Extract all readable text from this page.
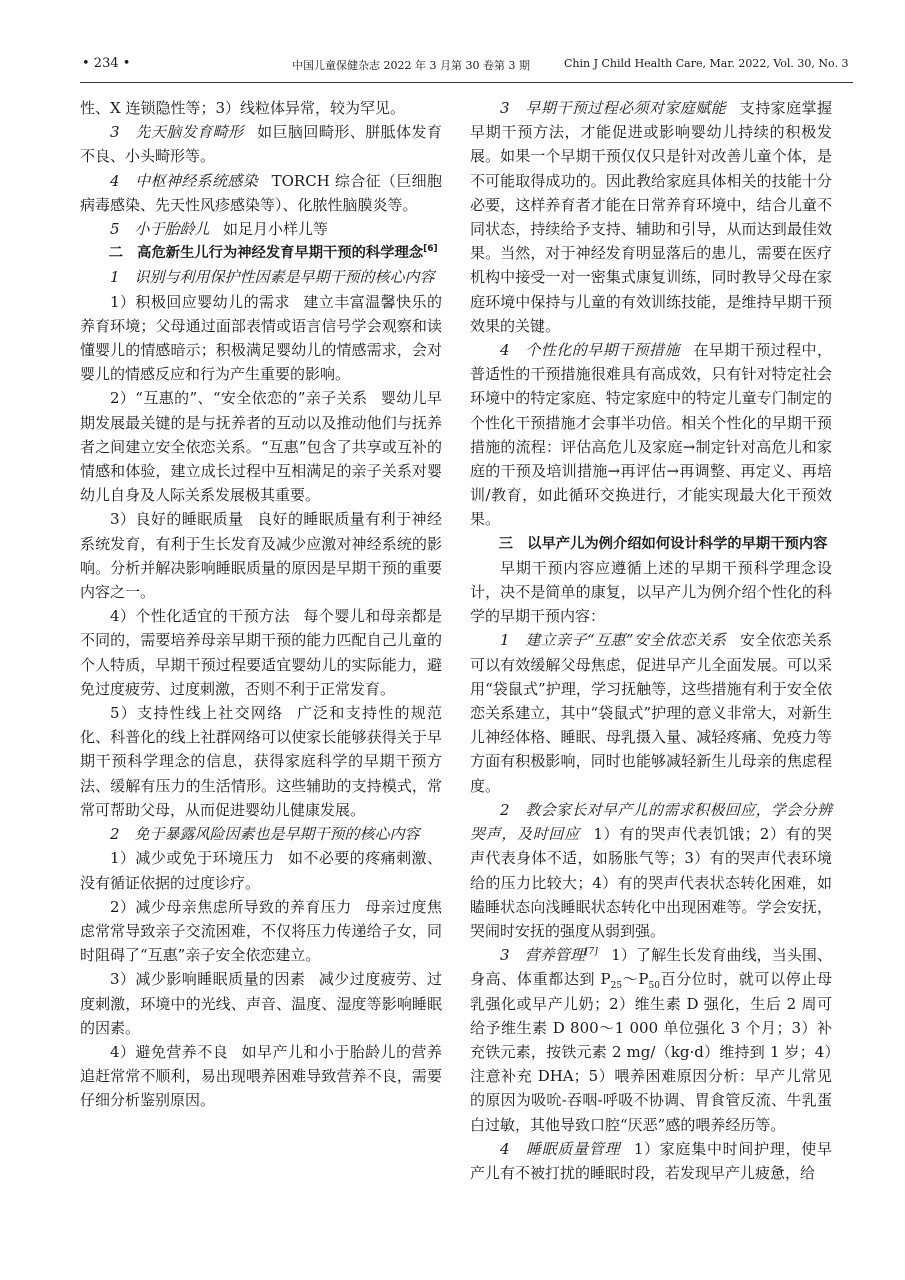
• 234 •	中国儿童保健杂志 2022 年 3 月第 30 卷第 3 期	Chin J Child Health Care, Mar. 2022, Vol. 30, No. 3

性、X 连锁隐性等；3）线粒体异常，较为罕见。

3　先天脑发育畸形 如巨脑回畸形、胼胝体发育不良、小头畸形等。

4　中枢神经系统感染 TORCH 综合征（巨细胞病毒感染、先天性风疹感染等）、化脓性脑膜炎等。

5　小于胎龄儿 如足月小样儿等

二　高危新生儿行为神经发育早期干预的科学理念[6]

1　识别与利用保护性因素是早期干预的核心内容

1）积极回应婴幼儿的需求 建立丰富温馨快乐的养育环境；父母通过面部表情或语言信号学会观察和读懂婴儿的情感暗示；积极满足婴幼儿的情感需求，会对婴儿的情感反应和行为产生重要的影响。

2）“互惠的”、“安全依恋的”亲子关系 婴幼儿早期发展最关键的是与抚养者的互动以及推动他们与抚养者之间建立安全依恋关系。“互惠”包含了共享或互补的情感和体验，建立成长过程中互相满足的亲子关系对婴幼儿自身及人际关系发展极其重要。

3）良好的睡眠质量 良好的睡眠质量有利于神经系统发育，有利于生长发育及减少应激对神经系统的影响。分析并解决影响睡眠质量的原因是早期干预的重要内容之一。

4）个性化适宜的干预方法 每个婴儿和母亲都是不同的，需要培养母亲早期干预的能力匹配自己儿童的个人特质，早期干预过程要适宜婴幼儿的实际能力，避免过度疲劳、过度刺激，否则不利于正常发育。

5）支持性线上社交网络 广泛和支持性的规范化、科普化的线上社群网络可以使家长能够获得关于早期干预科学理念的信息，获得家庭科学的早期干预方法、缓解有压力的生活情形。这些辅助的支持模式，常常可帮助父母，从而促进婴幼儿健康发展。

2　免于暴露风险因素也是早期干预的核心内容

1）减少或免于环境压力 如不必要的疼痛刺激、没有循证依据的过度诊疗。

2）减少母亲焦虑所导致的养育压力 母亲过度焦虑常常导致亲子交流困难，不仅将压力传递给子女，同时阻碍了“互惠”亲子安全依恋建立。

3）减少影响睡眠质量的因素 减少过度疲劳、过度刺激，环境中的光线、声音、温度、湿度等影响睡眠的因素。

4）避免营养不良 如早产儿和小于胎龄儿的营养追赶常常不顺利，易出现喂养困难导致营养不良，需要仔细分析鉴别原因。

3　早期干预过程必须对家庭赋能 支持家庭掌握早期干预方法，才能促进或影响婴幼儿持续的积极发展。如果一个早期干预仅仅只是针对改善儿童个体，是不可能取得成功的。因此教给家庭具体相关的技能十分必要，这样养育者才能在日常养育环境中，结合儿童不同状态，持续给予支持、辅助和引导，从而达到最佳效果。当然，对于神经发育明显落后的患儿，需要在医疗机构中接受一对一密集式康复训练，同时教导父母在家庭环境中保持与儿童的有效训练技能，是维持早期干预效果的关键。

4　个性化的早期干预措施 在早期干预过程中，普适性的干预措施很难具有高成效，只有针对特定社会环境中的特定家庭、特定家庭中的特定儿童专门制定的个性化干预措施才会事半功倍。相关个性化的早期干预措施的流程：评估高危儿及家庭→制定针对高危儿和家庭的干预及培训措施→再评估→再调整、再定义、再培训/教育，如此循环交换进行，才能实现最大化干预效果。

三　以早产儿为例介绍如何设计科学的早期干预内容

早期干预内容应遵循上述的早期干预科学理念设计，决不是简单的康复，以早产儿为例介绍个性化的科学的早期干预内容：

1　建立亲子“互惠”安全依恋关系 安全依恋关系可以有效缓解父母焦虑，促进早产儿全面发展。可以采用“袋鼠式”护理，学习抚触等，这些措施有利于安全依恋关系建立，其中“袋鼠式”护理的意义非常大，对新生儿神经体格、睡眠、母乳摄入量、减轻疼痛、免疫力等方面有积极影响，同时也能够减轻新生儿母亲的焦虑程度。

2　教会家长对早产儿的需求积极回应，学会分辨哭声，及时回应 1）有的哭声代表饥饿；2）有的哭声代表身体不适，如肠胀气等；3）有的哭声代表环境给的压力比较大；4）有的哭声代表状态转化困难，如瞌睡状态向浅睡眠状态转化中出现困难等。学会安抚，哭闹时安抚的强度从弱到强。

3　营养管理[7] 1）了解生长发育曲线，当头围、身高、体重都达到 $P_{25}\sim P_{50}$百分位时，就可以停止母乳强化或早产儿奶；2）维生素 D 强化，生后 2 周可给予维生素 D 800～1 000 单位强化 3 个月；3）补充铁元素，按铁元素 2 mg/（kg·d）维持到 1 岁；4）注意补充 DHA；5）喂养困难原因分析：早产儿常见的原因为吸吮-吞咽-呼吸不协调、胃食管反流、牛乳蛋白过敏，其他导致口腔“厌恶”感的喂养经历等。

4　睡眠质量管理 1）家庭集中时间护理，使早产儿有不被打扰的睡眠时段，若发现早产儿疲惫，给
